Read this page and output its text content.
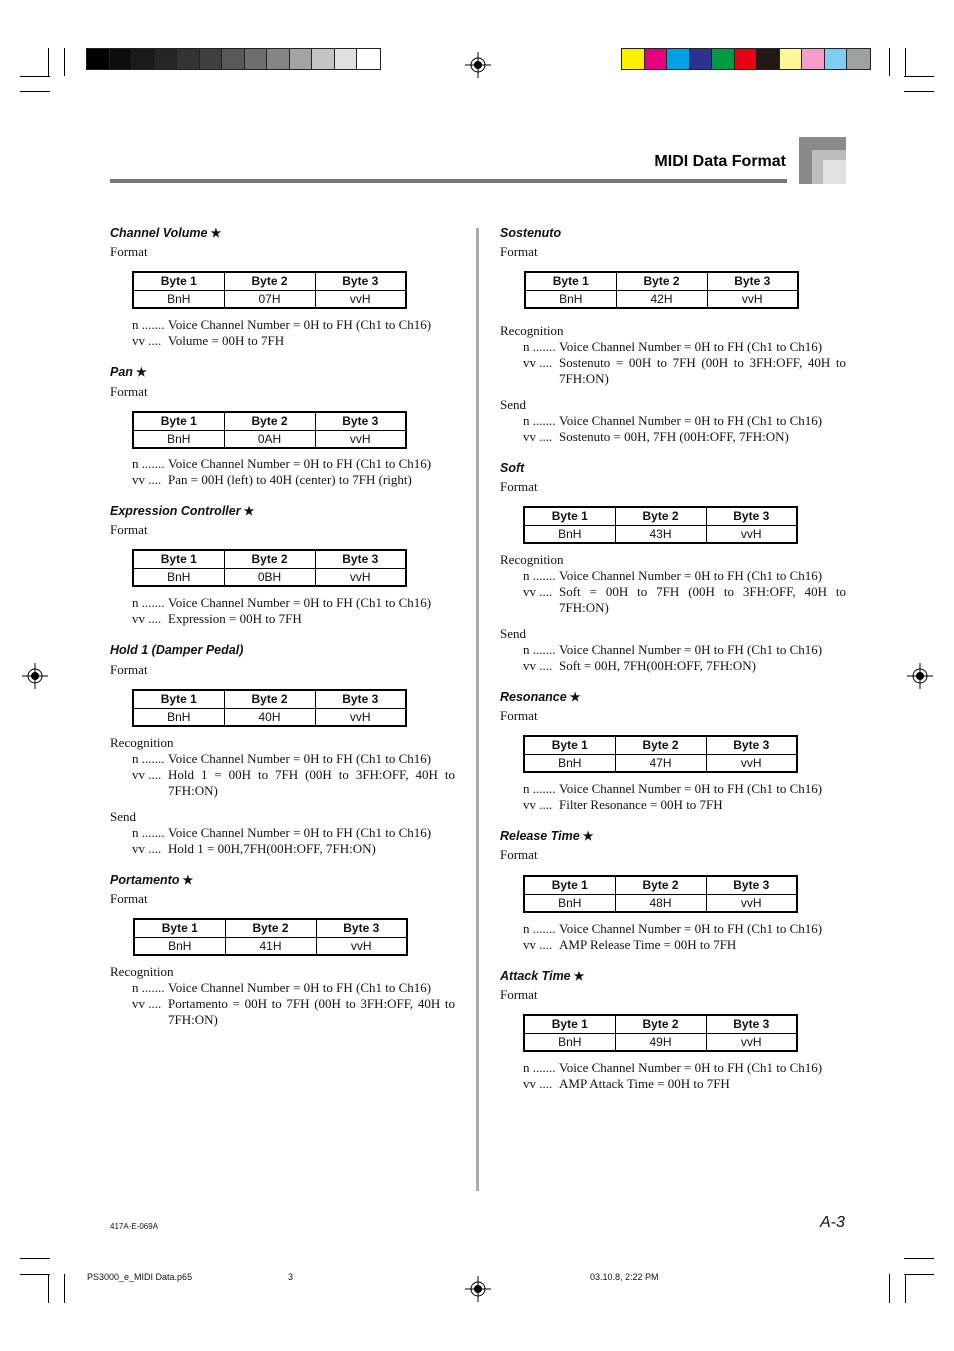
MIDI Data Format
Channel Volume ★
Format
Byte 1	Byte 2	Byte 3
BnH	07H	vvH
n ....... Voice Channel Number = 0H to FH (Ch1 to Ch16)
vv .... Volume = 00H to 7FH
Pan ★
Format
Byte 1	Byte 2	Byte 3
BnH	0AH	vvH
n ....... Voice Channel Number = 0H to FH (Ch1 to Ch16)
vv .... Pan = 00H (left) to 40H (center) to 7FH (right)
Expression Controller ★
Format
Byte 1	Byte 2	Byte 3
BnH	0BH	vvH
n ....... Voice Channel Number = 0H to FH (Ch1 to Ch16)
vv .... Expression = 00H to 7FH
Hold 1 (Damper Pedal)
Format
Byte 1	Byte 2	Byte 3
BnH	40H	vvH
Recognition
n ....... Voice Channel Number = 0H to FH (Ch1 to Ch16)
vv .... Hold 1 = 00H to 7FH (00H to 3FH:OFF, 40H to 7FH:ON)
Send
n ....... Voice Channel Number = 0H to FH (Ch1 to Ch16)
vv .... Hold 1 = 00H,7FH(00H:OFF, 7FH:ON)
Portamento ★
Format
Byte 1	Byte 2	Byte 3
BnH	41H	vvH
Recognition
n ....... Voice Channel Number = 0H to FH (Ch1 to Ch16)
vv .... Portamento = 00H to 7FH (00H to 3FH:OFF, 40H to 7FH:ON)
Sostenuto
Format
Byte 1	Byte 2	Byte 3
BnH	42H	vvH
Recognition
n ....... Voice Channel Number = 0H to FH (Ch1 to Ch16)
vv .... Sostenuto = 00H to 7FH (00H to 3FH:OFF, 40H to 7FH:ON)
Send
n ....... Voice Channel Number = 0H to FH (Ch1 to Ch16)
vv .... Sostenuto = 00H, 7FH (00H:OFF, 7FH:ON)
Soft
Format
Byte 1	Byte 2	Byte 3
BnH	43H	vvH
Recognition
n ....... Voice Channel Number = 0H to FH (Ch1 to Ch16)
vv .... Soft = 00H to 7FH (00H to 3FH:OFF, 40H to 7FH:ON)
Send
n ....... Voice Channel Number = 0H to FH (Ch1 to Ch16)
vv .... Soft = 00H, 7FH(00H:OFF, 7FH:ON)
Resonance ★
Format
Byte 1	Byte 2	Byte 3
BnH	47H	vvH
n ....... Voice Channel Number = 0H to FH (Ch1 to Ch16)
vv .... Filter Resonance = 00H to 7FH
Release Time ★
Format
Byte 1	Byte 2	Byte 3
BnH	48H	vvH
n ....... Voice Channel Number = 0H to FH (Ch1 to Ch16)
vv .... AMP Release Time = 00H to 7FH
Attack Time ★
Format
Byte 1	Byte 2	Byte 3
BnH	49H	vvH
n ....... Voice Channel Number = 0H to FH (Ch1 to Ch16)
vv .... AMP Attack Time = 00H to 7FH
417A-E-069A	A-3
PS3000_e_MIDI Data.p65	3	03.10.8, 2:22 PM
